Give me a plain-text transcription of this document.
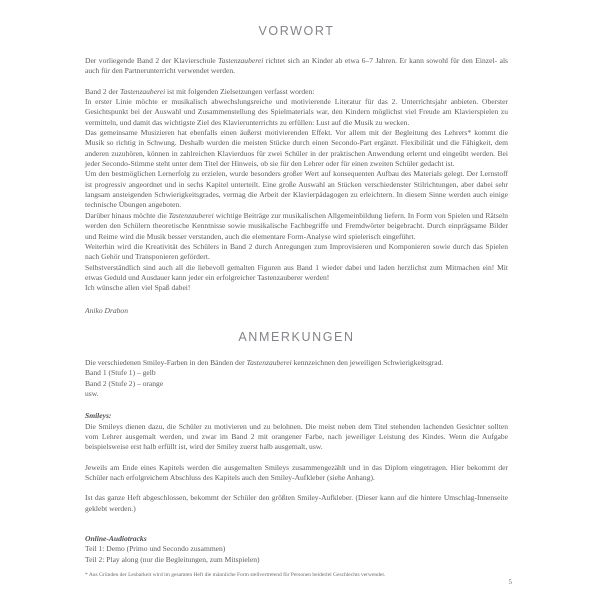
VORWORT

Der vorliegende Band 2 der Klavierschule Tastenzauberei richtet sich an Kinder ab etwa 6–7 Jahren. Er kann sowohl für den Einzel- als auch für den Partnerunterricht verwendet werden.

Band 2 der Tastenzauberei ist mit folgenden Zielsetzungen verfasst worden:

In erster Linie möchte er musikalisch abwechslungsreiche und motivierende Literatur für das 2. Unterrichtsjahr anbieten. Oberster Gesichtspunkt bei der Auswahl und Zusammenstellung des Spielmaterials war, den Kindern möglichst viel Freude am Klavierspielen zu vermitteln, und damit das wichtigste Ziel des Klavierunterrichts zu erfüllen: Lust auf die Musik zu wecken.

Das gemeinsame Musizieren hat ebenfalls einen äußerst motivierenden Effekt. Vor allem mit der Begleitung des Lehrers* kommt die Musik so richtig in Schwung. Deshalb wurden die meisten Stücke durch einen Secondo-Part ergänzt. Flexibilität und die Fähigkeit, dem anderen zuzuhören, können in zahlreichen Klavierduos für zwei Schüler in der praktischen Anwendung erlernt und eingeübt werden. Bei jeder Secondo-Stimme steht unter dem Titel der Hinweis, ob sie für den Lehrer oder für einen zweiten Schüler gedacht ist.

Um den bestmöglichen Lernerfolg zu erzielen, wurde besonders großer Wert auf konsequenten Aufbau des Materials gelegt. Der Lernstoff ist progressiv angeordnet und in sechs Kapitel unterteilt. Eine große Auswahl an Stücken verschiedenster Stilrichtungen, aber dabei sehr langsam ansteigenden Schwierigkeitsgrades, vermag die Arbeit der Klavierpädagogen zu erleichtern. In diesem Sinne werden auch einige technische Übungen angeboten.

Darüber hinaus möchte die Tastenzauberei wichtige Beiträge zur musikalischen Allgemeinbildung liefern. In Form von Spielen und Rätseln werden den Schülern theoretische Kenntnisse sowie musikalische Fachbegriffe und Fremdwörter beigebracht. Durch einprägsame Bilder und Reime wird die Musik besser verstanden, auch die elementare Form-Analyse wird spielerisch eingeführt.

Weiterhin wird die Kreativität des Schülers in Band 2 durch Anregungen zum Improvisieren und Komponieren sowie durch das Spielen nach Gehör und Transponieren gefördert.

Selbstverständlich sind auch all die liebevoll gemalten Figuren aus Band 1 wieder dabei und laden herzlichst zum Mitmachen ein! Mit etwas Geduld und Ausdauer kann jeder ein erfolgreicher Tastenzauberer werden!

Ich wünsche allen viel Spaß dabei!

Aniko Drabon

ANMERKUNGEN

Die verschiedenen Smiley-Farben in den Bänden der Tastenzauberei kennzeichnen den jeweiligen Schwierigkeitsgrad.

Band 1 (Stufe 1) – gelb

Band 2 (Stufe 2) – orange

usw.

Smileys:

Die Smileys dienen dazu, die Schüler zu motivieren und zu belohnen. Die meist neben dem Titel stehenden lachenden Gesichter sollten vom Lehrer ausgemalt werden, und zwar im Band 2 mit orangener Farbe, nach jeweiliger Leistung des Kindes. Wenn die Aufgabe beispielsweise erst halb erfüllt ist, wird der Smiley zuerst halb ausgemalt, usw.

Jeweils am Ende eines Kapitels werden die ausgemalten Smileys zusammengezählt und in das Diplom eingetragen. Hier bekommt der Schüler nach erfolgreichem Abschluss des Kapitels auch den Smiley-Aufkleber (siehe Anhang).

Ist das ganze Heft abgeschlossen, bekommt der Schüler den größten Smiley-Aufkleber. (Dieser kann auf die hintere Umschlag-Innenseite geklebt werden.)

Online-Audiotracks

Teil 1: Demo (Primo und Secondo zusammen)

Teil 2: Play along (nur die Begleitungen, zum Mitspielen)

* Aus Gründen der Lesbarkeit wird im gesamten Heft die männliche Form stellvertretend für Personen beiderlei Geschlechts verwendet.

5
